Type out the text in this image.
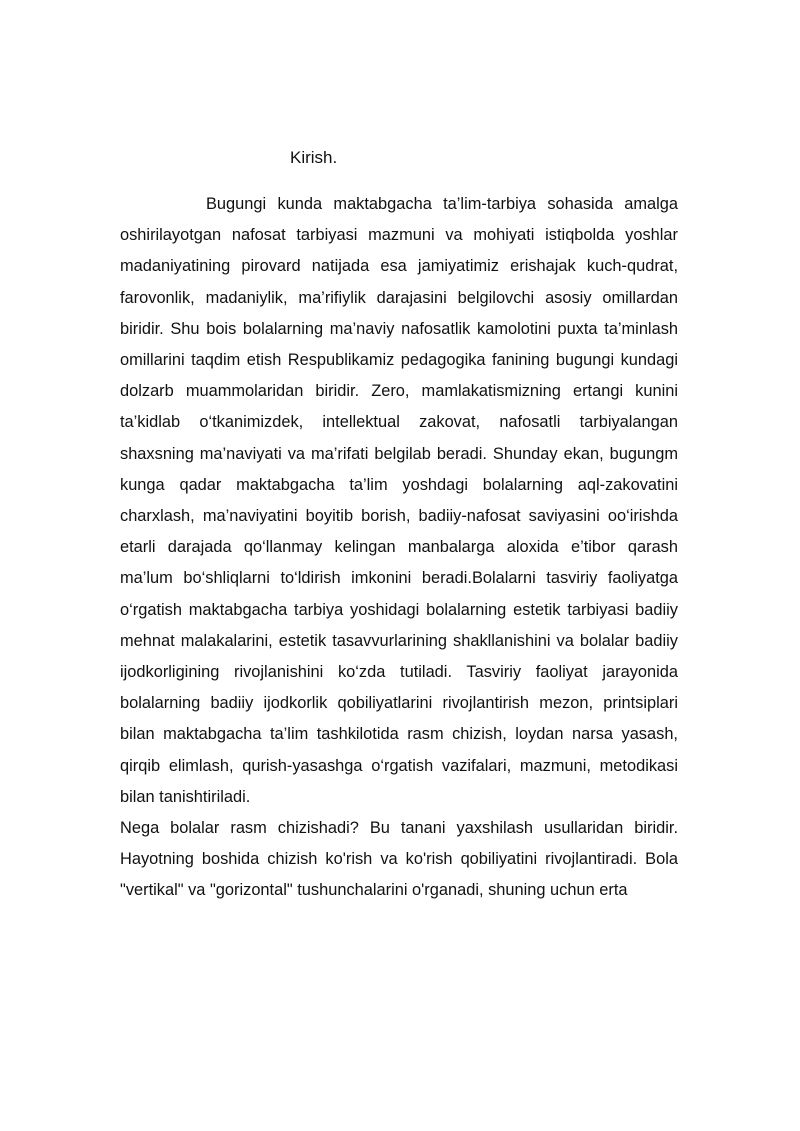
Kirish.

Bugungi kunda maktabgacha ta’lim-tarbiya sohasida amalga oshirilayotgan nafosat tarbiyasi mazmuni va mohiyati istiqbolda yoshlar madaniyatining pirovard natijada esa jamiyatimiz erishajak kuch-qudrat, farovonlik, madaniylik, ma’rifiylik darajasini belgilovchi asosiy omillardan biridir. Shu bois bolalarning ma’naviy nafosatlik kamolotini puxta ta’minlash omillarini taqdim etish Respublikamiz pedagogika fanining bugungi kundagi dolzarb muammolaridan biridir. Zero, mamlakatismizning ertangi kunini ta’kidlab o‘tkanimizdek, intellektual zakovat, nafosatli tarbiyalangan shaxsning ma’naviyati va ma’rifati belgilab beradi. Shunday ekan, bugungm kunga qadar maktabgacha ta’lim yoshdagi bolalarning aql-zakovatini charxlash, ma’naviyatini boyitib borish, badiiy-nafosat saviyasini oo‘irishda etarli darajada qo‘llanmay kelingan manbalarga aloxida e’tibor qarash ma’lum bo‘shliqlarni to‘ldirish imkonini beradi.Bolalarni tasviriy faoliyatga o‘rgatish maktabgacha tarbiya yoshidagi bolalarning estetik tarbiyasi badiiy mehnat malakalarini, estetik tasavvurlarining shakllanishini va bolalar badiiy ijodkorligining rivojlanishini ko‘zda tutiladi. Tasviriy faoliyat jarayonida bolalarning badiiy ijodkorlik qobiliyatlarini rivojlantirish mezon, printsiplari bilan maktabgacha ta’lim tashkilotida rasm chizish, loydan narsa yasash, qirqib elimlash, qurish-yasashga o‘rgatish vazifalari, mazmuni, metodikasi bilan tanishtiriladi.

Nega bolalar rasm chizishadi? Bu tanani yaxshilash usullaridan biridir. Hayotning boshida chizish ko'rish va ko'rish qobiliyatini rivojlantiradi. Bola "vertikal" va "gorizontal" tushunchalarini o'rganadi, shuning uchun erta
